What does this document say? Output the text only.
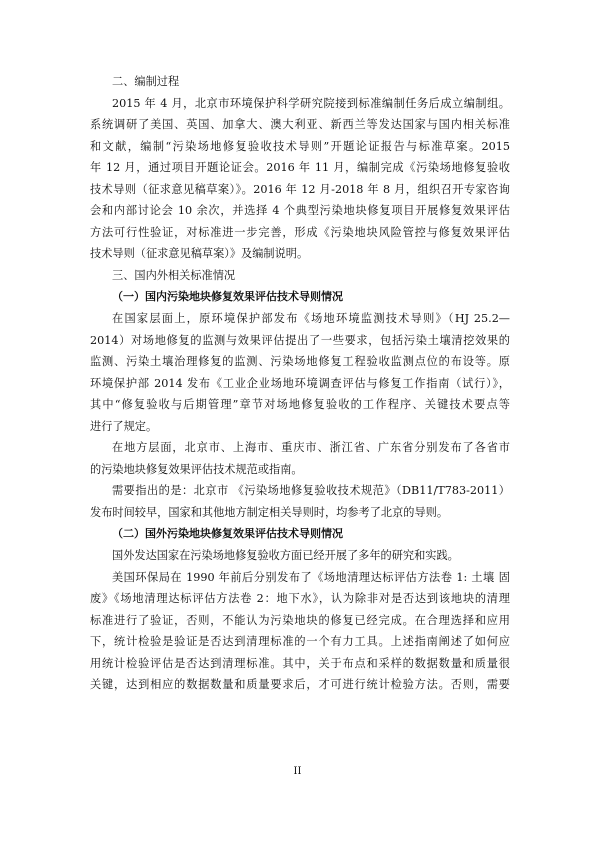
二、编制过程
2015 年 4 月，北京市环境保护科学研究院接到标准编制任务后成立编制组。
系统调研了美国、英国、加拿大、澳大利亚、新西兰等发达国家与国内相关标准
和文献，编制“污染场地修复验收技术导则”开题论证报告与标准草案。2015
年 12 月，通过项目开题论证会。2016 年 11 月，编制完成《污染场地修复验收
技术导则（征求意见稿草案）》。2016 年 12 月-2018 年 8 月，组织召开专家咨询
会和内部讨论会 10 余次，并选择 4 个典型污染地块修复项目开展修复效果评估
方法可行性验证，对标准进一步完善，形成《污染地块风险管控与修复效果评估
技术导则（征求意见稿草案）》及编制说明。
三、国内外相关标准情况
（一）国内污染地块修复效果评估技术导则情况
在国家层面上，原环境保护部发布《场地环境监测技术导则》（HJ 25.2—
2014）对场地修复的监测与效果评估提出了一些要求，包括污染土壤清挖效果的
监测、污染土壤治理修复的监测、污染场地修复工程验收监测点位的布设等。原
环境保护部 2014 发布《工业企业场地环境调查评估与修复工作指南（试行）》，
其中“修复验收与后期管理”章节对场地修复验收的工作程序、关键技术要点等
进行了规定。
在地方层面，北京市、上海市、重庆市、浙江省、广东省分别发布了各省市
的污染地块修复效果评估技术规范或指南。
需要指出的是：北京市 《污染场地修复验收技术规范》（DB11/T783-2011）
发布时间较早，国家和其他地方制定相关导则时，均参考了北京的导则。
（二）国外污染地块修复效果评估技术导则情况
国外发达国家在污染场地修复验收方面已经开展了多年的研究和实践。
美国环保局在 1990 年前后分别发布了《场地清理达标评估方法卷 1: 土壤 固
废》《场地清理达标评估方法卷 2：地下水》，认为除非对是否达到该地块的清理
标准进行了验证，否则，不能认为污染地块的修复已经完成。在合理选择和应用
下，统计检验是验证是否达到清理标准的一个有力工具。上述指南阐述了如何应
用统计检验评估是否达到清理标准。其中，关于布点和采样的数据数量和质量很
关键，达到相应的数据数量和质量要求后，才可进行统计检验方法。否则，需要
II
